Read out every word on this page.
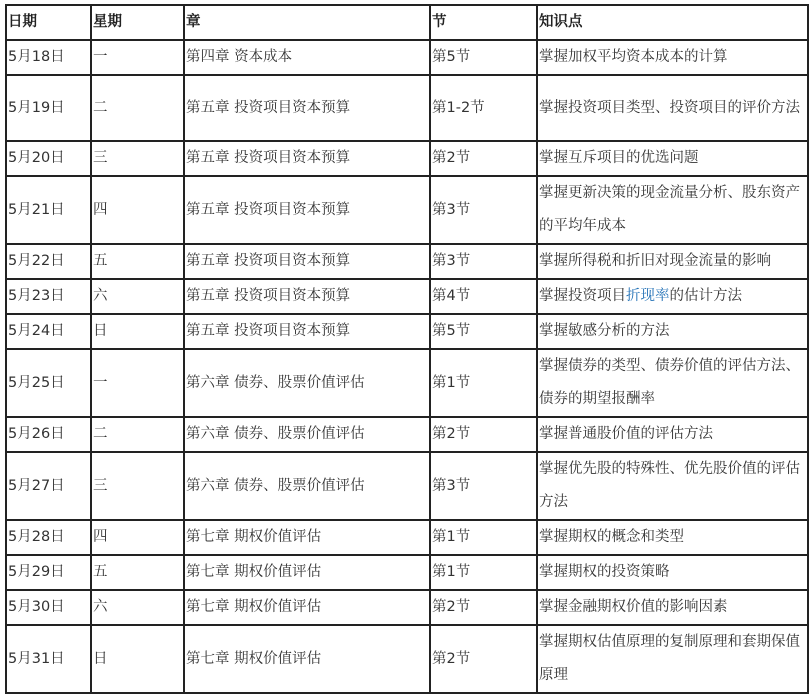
日期	星期	章	节	知识点
5月18日	一	第四章 资本成本	第5节	掌握加权平均资本成本的计算
5月19日	二	第五章 投资项目资本预算	第1-2节	掌握投资项目类型、投资项目的评价方法
5月20日	三	第五章 投资项目资本预算	第2节	掌握互斥项目的优选问题
5月21日	四	第五章 投资项目资本预算	第3节	掌握更新决策的现金流量分析、股东资产的平均年成本
5月22日	五	第五章 投资项目资本预算	第3节	掌握所得税和折旧对现金流量的影响
5月23日	六	第五章 投资项目资本预算	第4节	掌握投资项目折现率的估计方法
5月24日	日	第五章 投资项目资本预算	第5节	掌握敏感分析的方法
5月25日	一	第六章 债券、股票价值评估	第1节	掌握债券的类型、债券价值的评估方法、债券的期望报酬率
5月26日	二	第六章 债券、股票价值评估	第2节	掌握普通股价值的评估方法
5月27日	三	第六章 债券、股票价值评估	第3节	掌握优先股的特殊性、优先股价值的评估方法
5月28日	四	第七章 期权价值评估	第1节	掌握期权的概念和类型
5月29日	五	第七章 期权价值评估	第1节	掌握期权的投资策略
5月30日	六	第七章 期权价值评估	第2节	掌握金融期权价值的影响因素
5月31日	日	第七章 期权价值评估	第2节	掌握期权估值原理的复制原理和套期保值原理
